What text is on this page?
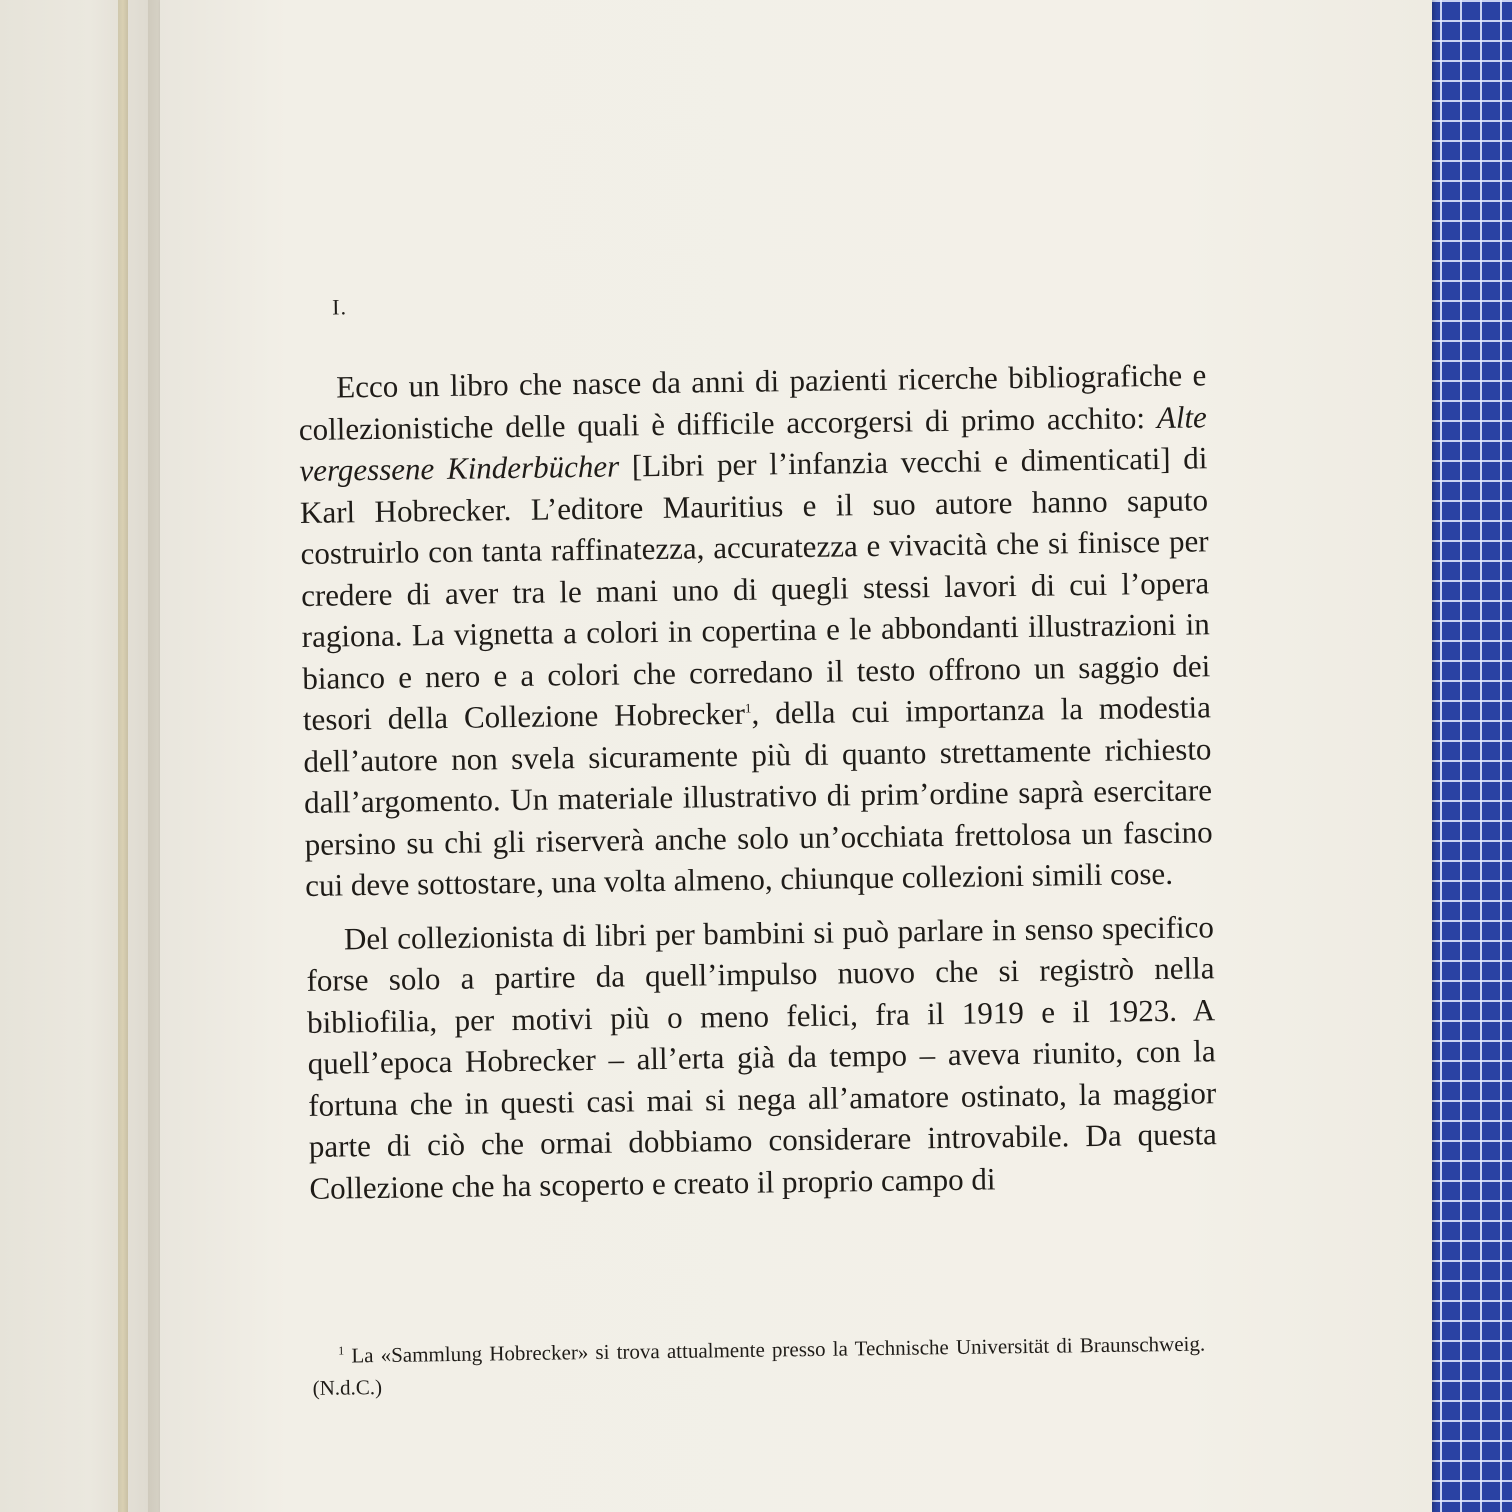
I.

Ecco un libro che nasce da anni di pazienti ricerche bibliografiche e collezionistiche delle quali è difficile accorgersi di primo acchito: Alte vergessene Kinderbücher [Libri per l’infanzia vecchi e dimenticati] di Karl Hobrecker. L’editore Mauritius e il suo autore hanno saputo costruirlo con tanta raffinatezza, accuratezza e vivacità che si finisce per credere di aver tra le mani uno di quegli stessi lavori di cui l’opera ragiona. La vignetta a colori in copertina e le abbondanti illustrazioni in bianco e nero e a colori che corredano il testo offrono un saggio dei tesori della Collezione Hobrecker$^1$, della cui importanza la modestia dell’autore non svela sicuramente più di quanto strettamente richiesto dall’argomento. Un materiale illustrativo di prim’ordine saprà esercitare persino su chi gli riserverà anche solo un’occhiata frettolosa un fascino cui deve sottostare, una volta almeno, chiunque collezioni simili cose.

Del collezionista di libri per bambini si può parlare in senso specifico forse solo a partire da quell’impulso nuovo che si registrò nella bibliofilia, per motivi più o meno felici, fra il 1919 e il 1923. A quell’epoca Hobrecker – all’erta già da tempo – aveva riunito, con la fortuna che in questi casi mai si nega all’amatore ostinato, la maggior parte di ciò che ormai dobbiamo considerare introvabile. Da questa Collezione che ha scoperto e creato il proprio campo di

$^1$ La «Sammlung Hobrecker» si trova attualmente presso la Technische Universität di Braunschweig. (N.d.C.)
